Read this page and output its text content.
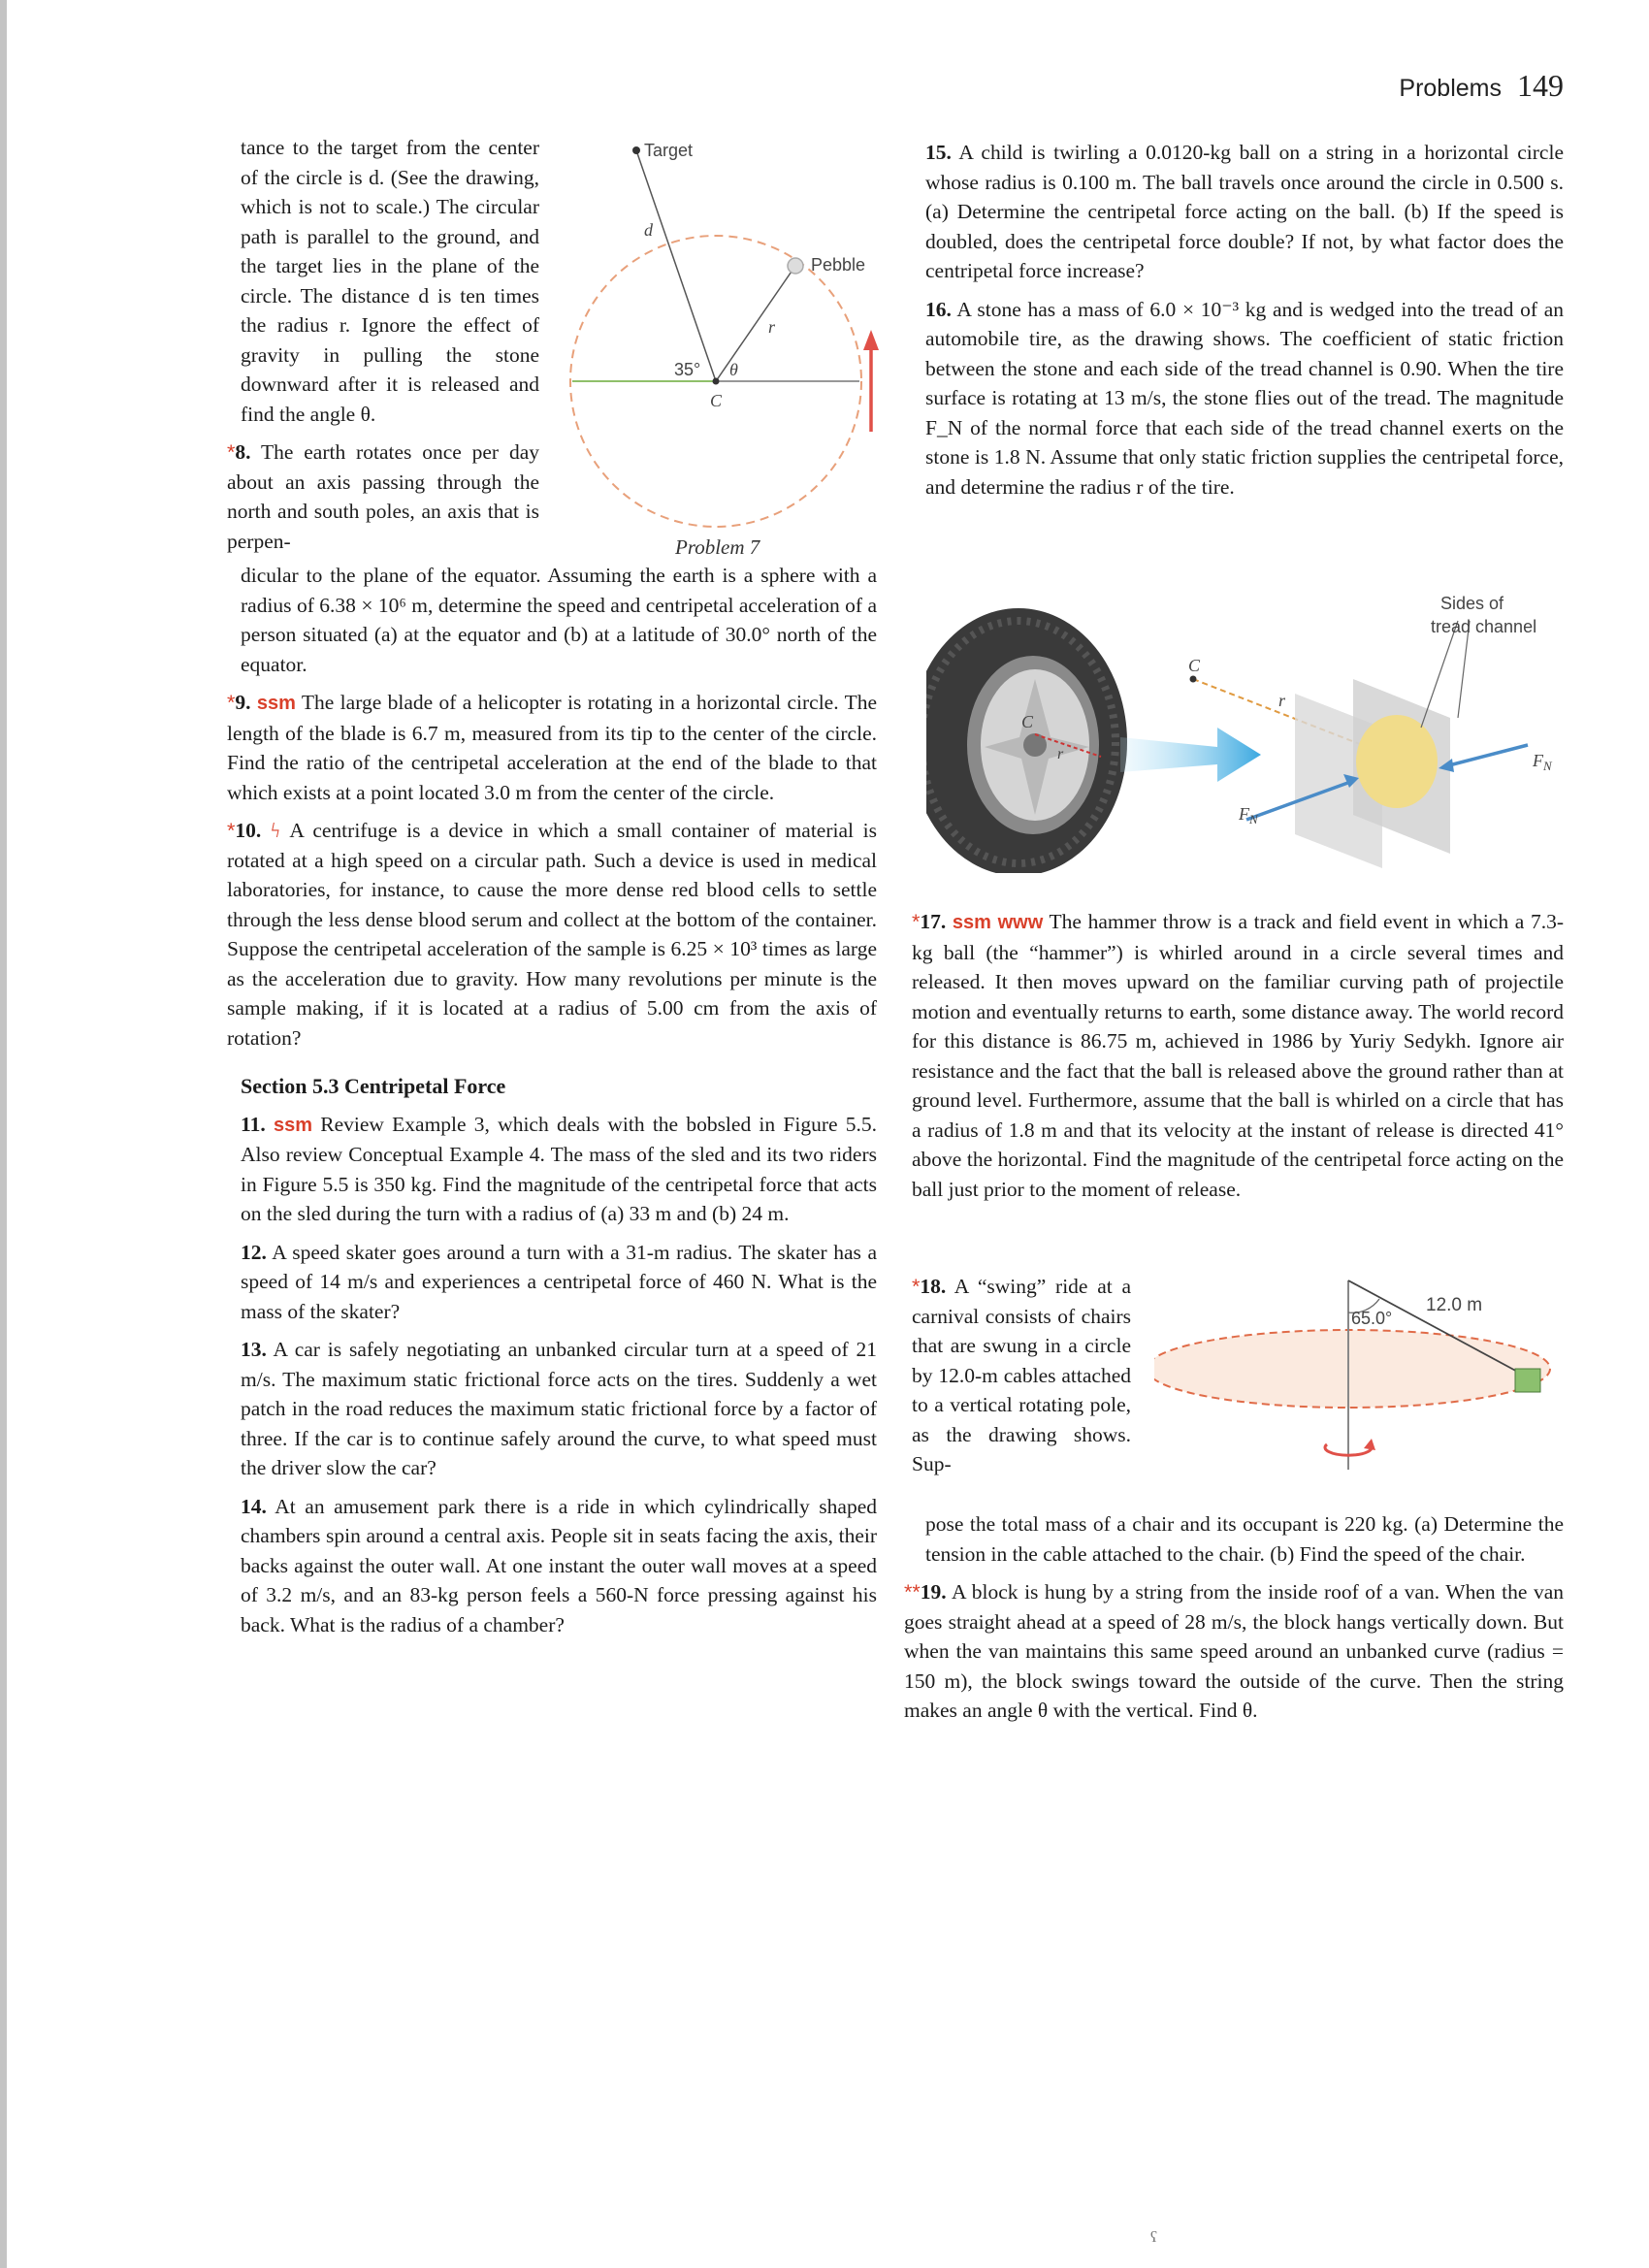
Problems 149

tance to the target from the center of the circle is d. (See the drawing, which is not to scale.) The circular path is parallel to the ground, and the target lies in the plane of the circle. The distance d is ten times the radius r. Ignore the effect of gravity in pulling the stone downward after it is released and find the angle θ.

*8. The earth rotates once per day about an axis passing through the north and south poles, an axis that is perpen-

Target
Pebble
d
r
35° θ
C
Problem 7

dicular to the plane of the equator. Assuming the earth is a sphere with a radius of 6.38 × 10⁶ m, determine the speed and centripetal acceleration of a person situated (a) at the equator and (b) at a latitude of 30.0° north of the equator.

*9. ssm The large blade of a helicopter is rotating in a horizontal circle. The length of the blade is 6.7 m, measured from its tip to the center of the circle. Find the ratio of the centripetal acceleration at the end of the blade to that which exists at a point located 3.0 m from the center of the circle.

*10. ϟ A centrifuge is a device in which a small container of material is rotated at a high speed on a circular path. Such a device is used in medical laboratories, for instance, to cause the more dense red blood cells to settle through the less dense blood serum and collect at the bottom of the container. Suppose the centripetal acceleration of the sample is 6.25 × 10³ times as large as the acceleration due to gravity. How many revolutions per minute is the sample making, if it is located at a radius of 5.00 cm from the axis of rotation?

Section 5.3 Centripetal Force

11. ssm Review Example 3, which deals with the bobsled in Figure 5.5. Also review Conceptual Example 4. The mass of the sled and its two riders in Figure 5.5 is 350 kg. Find the magnitude of the centripetal force that acts on the sled during the turn with a radius of (a) 33 m and (b) 24 m.

12. A speed skater goes around a turn with a 31-m radius. The skater has a speed of 14 m/s and experiences a centripetal force of 460 N. What is the mass of the skater?

13. A car is safely negotiating an unbanked circular turn at a speed of 21 m/s. The maximum static frictional force acts on the tires. Suddenly a wet patch in the road reduces the maximum static frictional force by a factor of three. If the car is to continue safely around the curve, to what speed must the driver slow the car?

14. At an amusement park there is a ride in which cylindrically shaped chambers spin around a central axis. People sit in seats facing the axis, their backs against the outer wall. At one instant the outer wall moves at a speed of 3.2 m/s, and an 83-kg person feels a 560-N force pressing against his back. What is the radius of a chamber?

15. A child is twirling a 0.0120-kg ball on a string in a horizontal circle whose radius is 0.100 m. The ball travels once around the circle in 0.500 s. (a) Determine the centripetal force acting on the ball. (b) If the speed is doubled, does the centripetal force double? If not, by what factor does the centripetal force increase?

16. A stone has a mass of 6.0 × 10⁻³ kg and is wedged into the tread of an automobile tire, as the drawing shows. The coefficient of static friction between the stone and each side of the tread channel is 0.90. When the tire surface is rotating at 13 m/s, the stone flies out of the tread. The magnitude F_N of the normal force that each side of the tread channel exerts on the stone is 1.8 N. Assume that only static friction supplies the centripetal force, and determine the radius r of the tire.

Sides of
tread channel
C
C
r
r
$F_N$
$F_N$

*17. ssm www The hammer throw is a track and field event in which a 7.3-kg ball (the “hammer”) is whirled around in a circle several times and released. It then moves upward on the familiar curving path of projectile motion and eventually returns to earth, some distance away. The world record for this distance is 86.75 m, achieved in 1986 by Yuriy Sedykh. Ignore air resistance and the fact that the ball is released above the ground rather than at ground level. Furthermore, assume that the ball is whirled on a circle that has a radius of 1.8 m and that its velocity at the instant of release is directed 41° above the horizontal. Find the magnitude of the centripetal force acting on the ball just prior to the moment of release.

*18. A “swing” ride at a carnival consists of chairs that are swung in a circle by 12.0-m cables attached to a vertical rotating pole, as the drawing shows. Sup-

12.0 m
65.0°

pose the total mass of a chair and its occupant is 220 kg. (a) Determine the tension in the cable attached to the chair. (b) Find the speed of the chair.

**19. A block is hung by a string from the inside roof of a van. When the van goes straight ahead at a speed of 28 m/s, the block hangs vertically down. But when the van maintains this same speed around an unbanked curve (radius = 150 m), the block swings toward the outside of the curve. Then the string makes an angle θ with the vertical. Find θ.

ʕ
